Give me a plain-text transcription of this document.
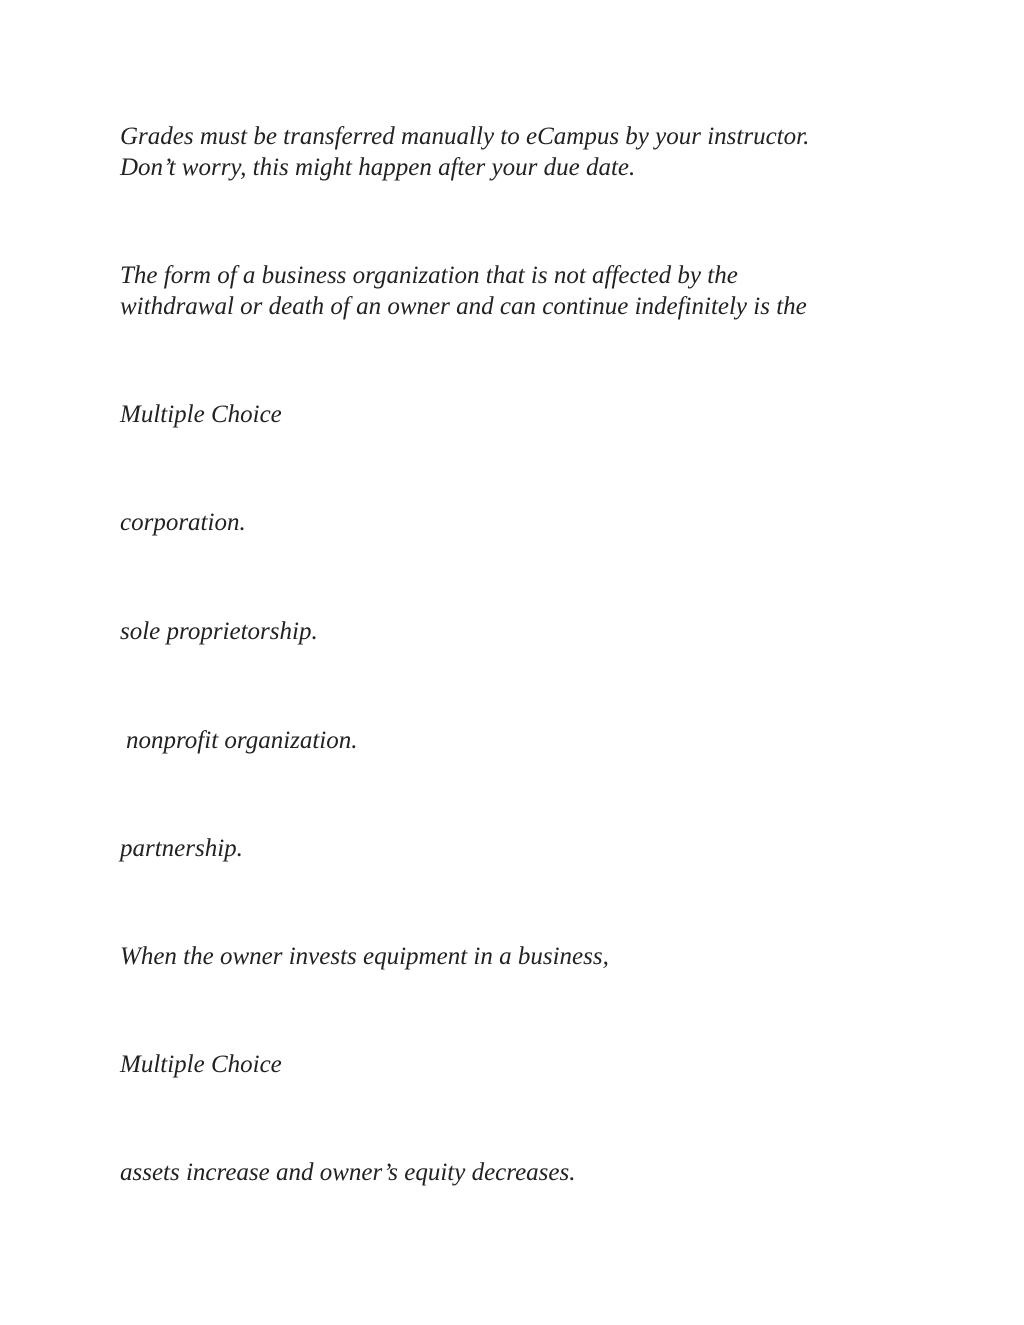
Grades must be transferred manually to eCampus by your instructor.

Don’t worry, this might happen after your due date.

The form of a business organization that is not affected by the

withdrawal or death of an owner and can continue indefinitely is the

Multiple Choice

corporation.

sole proprietorship.

nonprofit organization.

partnership.

When the owner invests equipment in a business,

Multiple Choice

assets increase and owner’s equity decreases.
